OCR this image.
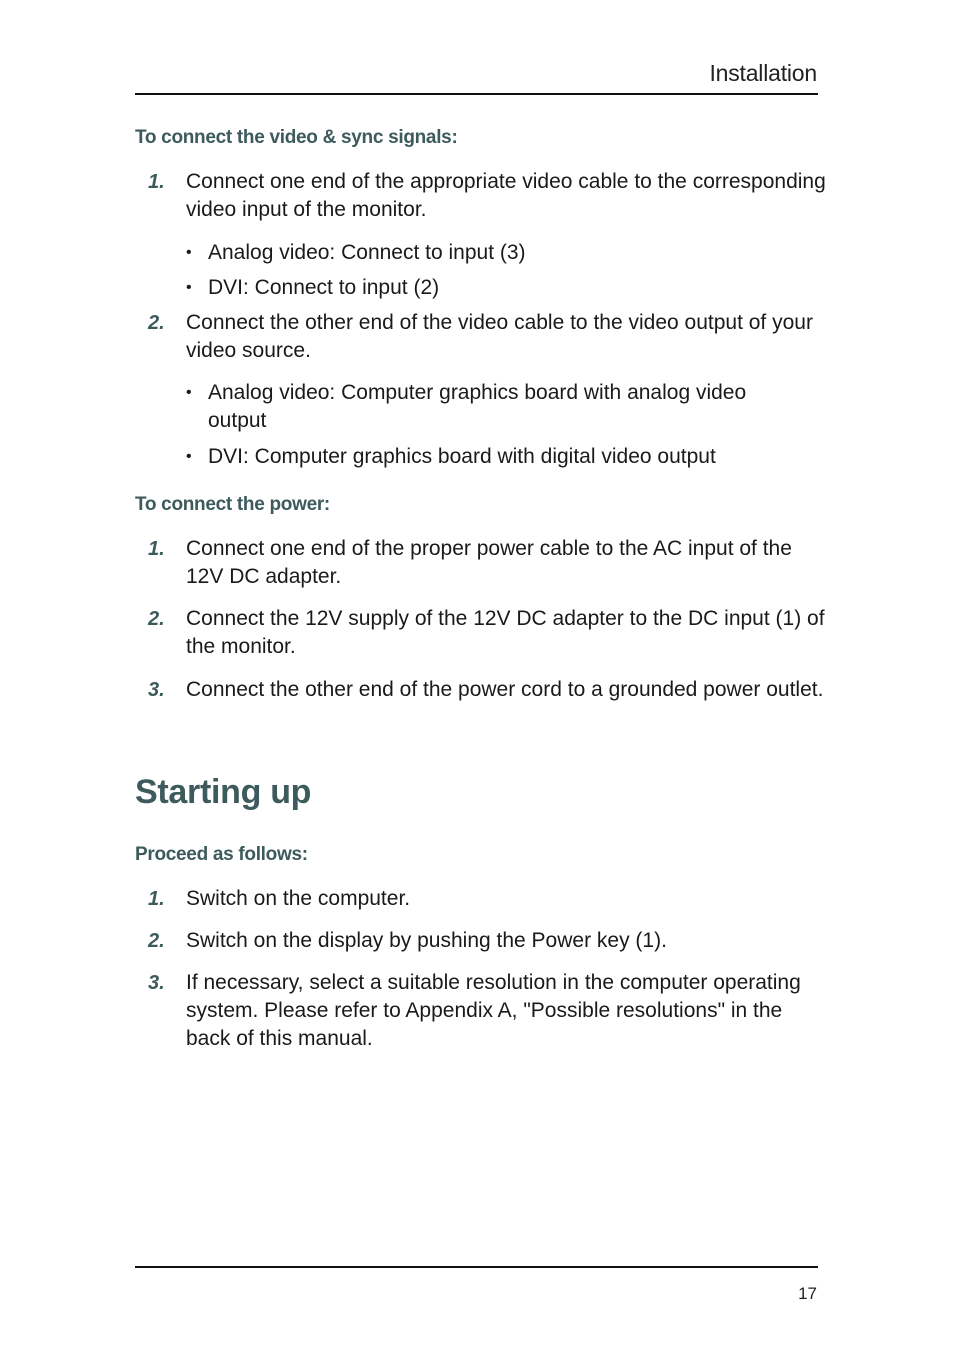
Installation
To connect the video & sync signals:
1. Connect one end of the appropriate video cable to the corresponding video input of the monitor.
• Analog video: Connect to input (3)
• DVI: Connect to input (2)
2. Connect the other end of the video cable to the video output of your video source.
• Analog video: Computer graphics board with analog video output
• DVI: Computer graphics board with digital video output
To connect the power:
1. Connect one end of the proper power cable to the AC input of the 12V DC adapter.
2. Connect the 12V supply of the 12V DC adapter to the DC input (1) of the monitor.
3. Connect the other end of the power cord to a grounded power outlet.
Starting up
Proceed as follows:
1. Switch on the computer.
2. Switch on the display by pushing the Power key (1).
3. If necessary, select a suitable resolution in the computer operating system. Please refer to Appendix A, "Possible resolutions" in the back of this manual.
17
